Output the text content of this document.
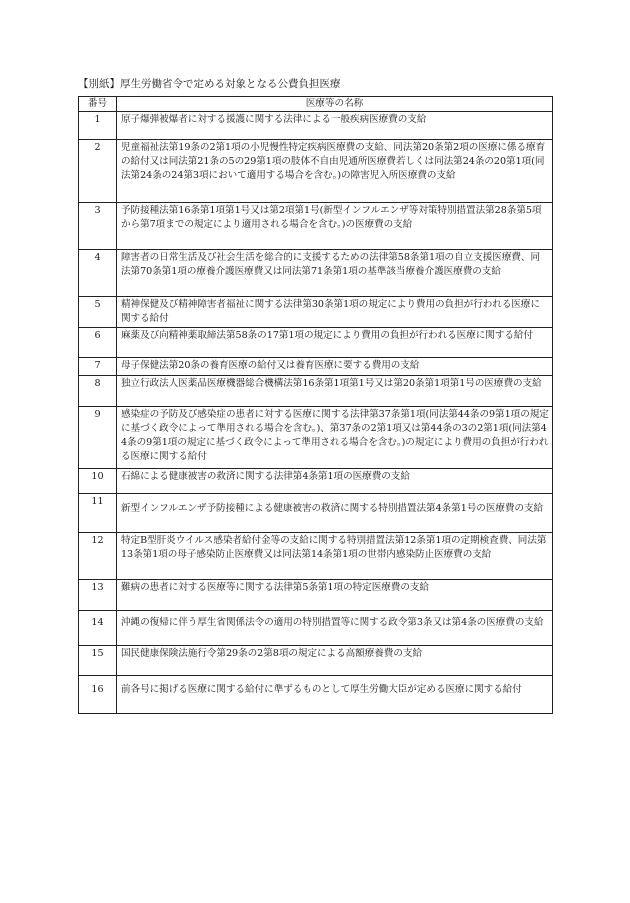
【別紙】厚生労働省令で定める対象となる公費負担医療
番号	医療等の名称
1	原子爆弾被爆者に対する援護に関する法律による一般疾病医療費の支給
2	児童福祉法第19条の2第1項の小児慢性特定疾病医療費の支給、同法第20条第2項の医療に係る療育の給付又は同法第21条の5の29第1項の肢体不自由児通所医療費若しくは同法第24条の20第1項(同法第24条の24第3項において適用する場合を含む。)の障害児入所医療費の支給
3	予防接種法第16条第1項第1号又は第2項第1号(新型インフルエンザ等対策特別措置法第28条第5項から第7項までの規定により適用される場合を含む。)の医療費の支給
4	障害者の日常生活及び社会生活を総合的に支援するための法律第58条第1項の自立支援医療費、同法第70条第1項の療養介護医療費又は同法第71条第1項の基準該当療養介護医療費の支給
5	精神保健及び精神障害者福祉に関する法律第30条第1項の規定により費用の負担が行われる医療に関する給付
6	麻薬及び向精神薬取締法第58条の17第1項の規定により費用の負担が行われる医療に関する給付
7	母子保健法第20条の養育医療の給付又は養育医療に要する費用の支給
8	独立行政法人医薬品医療機器総合機構法第16条第1項第1号又は第20条第1項第1号の医療費の支給
9	感染症の予防及び感染症の患者に対する医療に関する法律第37条第1項(同法第44条の9第1項の規定に基づく政令によって準用される場合を含む。)、第37条の2第1項又は第44条の3の2第1項(同法第44条の9第1項の規定に基づく政令によって準用される場合を含む。)の規定により費用の負担が行われる医療に関する給付
10	石綿による健康被害の救済に関する法律第4条第1項の医療費の支給
11	新型インフルエンザ予防接種による健康被害の救済に関する特別措置法第4条第1号の医療費の支給
12	特定B型肝炎ウイルス感染者給付金等の支給に関する特別措置法第12条第1項の定期検査費、同法第13条第1項の母子感染防止医療費又は同法第14条第1項の世帯内感染防止医療費の支給
13	難病の患者に対する医療等に関する法律第5条第1項の特定医療費の支給
14	沖縄の復帰に伴う厚生省関係法令の適用の特別措置等に関する政令第3条又は第4条の医療費の支給
15	国民健康保険法施行令第29条の2第8項の規定による高額療養費の支給
16	前各号に掲げる医療に関する給付に準ずるものとして厚生労働大臣が定める医療に関する給付
